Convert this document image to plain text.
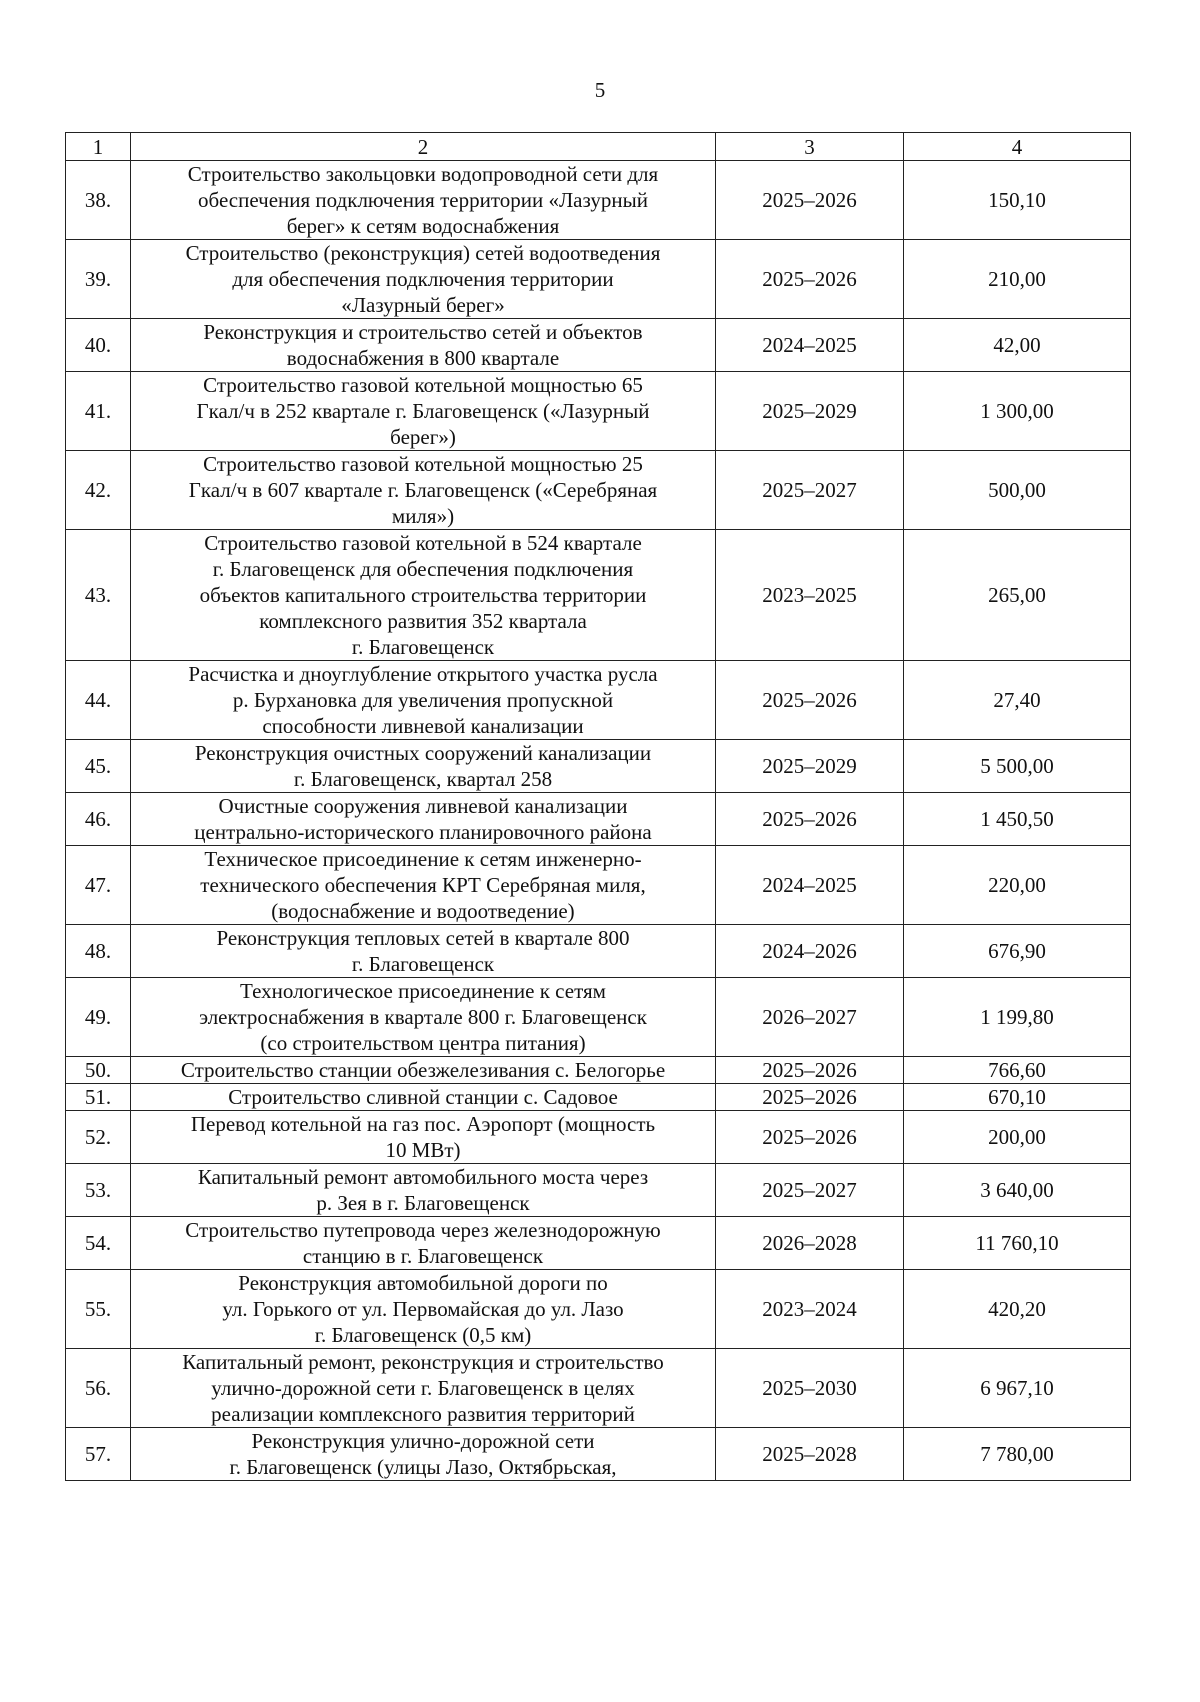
5
1	2	3	4
38.	Строительство закольцовки водопроводной сети для
обеспечения подключения территории «Лазурный
берег» к сетям водоснабжения	2025–2026	150,10
39.	Строительство (реконструкция) сетей водоотведения
для обеспечения подключения территории
«Лазурный берег»	2025–2026	210,00
40.	Реконструкция и строительство сетей и объектов
водоснабжения в 800 квартале	2024–2025	42,00
41.	Строительство газовой котельной мощностью 65
Гкал/ч в 252 квартале г. Благовещенск («Лазурный
берег»)	2025–2029	1 300,00
42.	Строительство газовой котельной мощностью 25
Гкал/ч в 607 квартале г. Благовещенск («Серебряная
миля»)	2025–2027	500,00
43.	Строительство газовой котельной в 524 квартале
г. Благовещенск для обеспечения подключения
объектов капитального строительства территории
комплексного развития 352 квартала
г. Благовещенск	2023–2025	265,00
44.	Расчистка и дноуглубление открытого участка русла
р. Бурхановка для увеличения пропускной
способности ливневой канализации	2025–2026	27,40
45.	Реконструкция очистных сооружений канализации
г. Благовещенск, квартал 258	2025–2029	5 500,00
46.	Очистные сооружения ливневой канализации
центрально-исторического планировочного района	2025–2026	1 450,50
47.	Техническое присоединение к сетям инженерно-
технического обеспечения КРТ Серебряная миля,
(водоснабжение и водоотведение)	2024–2025	220,00
48.	Реконструкция тепловых сетей в квартале 800
г. Благовещенск	2024–2026	676,90
49.	Технологическое присоединение к сетям
электроснабжения в квартале 800 г. Благовещенск
(со строительством центра питания)	2026–2027	1 199,80
50.	Строительство станции обезжелезивания с. Белогорье	2025–2026	766,60
51.	Строительство сливной станции с. Садовое	2025–2026	670,10
52.	Перевод котельной на газ пос. Аэропорт (мощность
10 МВт)	2025–2026	200,00
53.	Капитальный ремонт автомобильного моста через
р. Зея в г. Благовещенск	2025–2027	3 640,00
54.	Строительство путепровода через железнодорожную
станцию в г. Благовещенск	2026–2028	11 760,10
55.	Реконструкция автомобильной дороги по
ул. Горького от ул. Первомайская до ул. Лазо
г. Благовещенск (0,5 км)	2023–2024	420,20
56.	Капитальный ремонт, реконструкция и строительство
улично-дорожной сети г. Благовещенск в целях
реализации комплексного развития территорий	2025–2030	6 967,10
57.	Реконструкция улично-дорожной сети
г. Благовещенск (улицы Лазо, Октябрьская,	2025–2028	7 780,00
